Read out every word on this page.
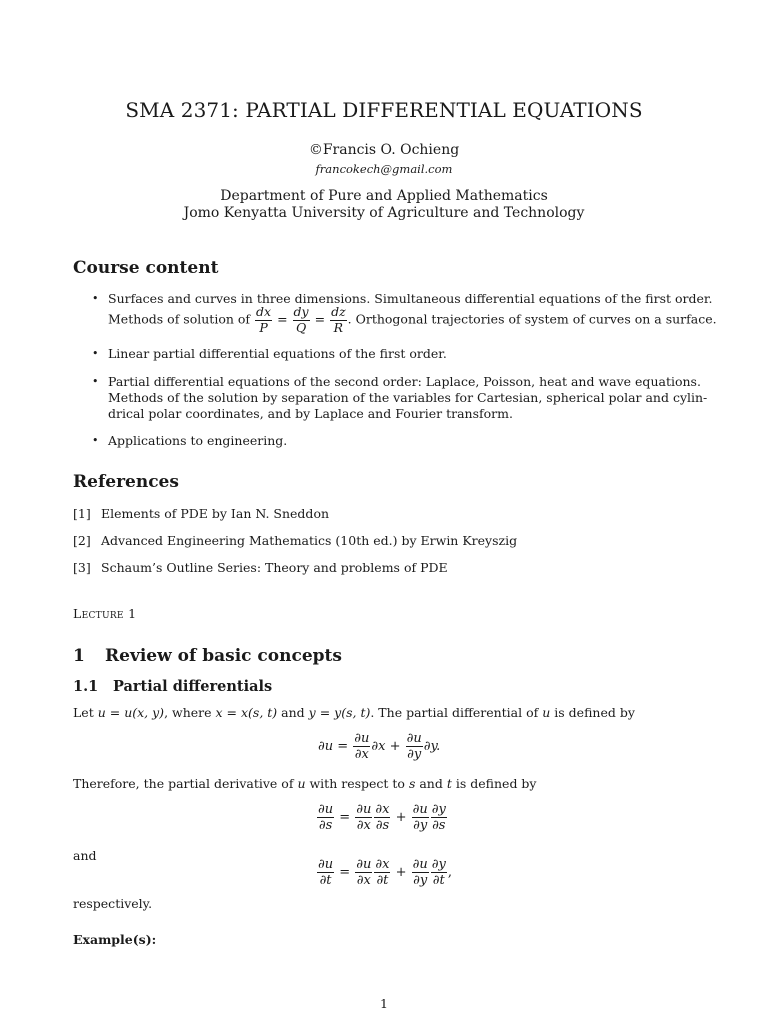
SMA 2371: PARTIAL DIFFERENTIAL EQUATIONS
©Francis O. Ochieng
francokech@gmail.com
Department of Pure and Applied Mathematics
Jomo Kenyatta University of Agriculture and Technology
Course content
• Surfaces and curves in three dimensions. Simultaneous differential equations of the first order.
Methods of solution of $\frac{dx}{P} = \frac{dy}{Q} = \frac{dz}{R}$ . Orthogonal trajectories of system of curves on a surface.
• Linear partial differential equations of the first order.
• Partial differential equations of the second order: Laplace, Poisson, heat and wave equations.
Methods of the solution by separation of the variables for Cartesian, spherical polar and cylin-
drical polar coordinates, and by Laplace and Fourier transform.
• Applications to engineering.
References
[1] Elements of PDE by Ian N. Sneddon
[2] Advanced Engineering Mathematics (10th ed.) by Erwin Kreyszig
[3] Schaum’s Outline Series: Theory and problems of PDE
Lecture 1
1 Review of basic concepts
1.1 Partial differentials
Let u = u(x, y), where x = x(s, t) and y = y(s, t). The partial differential of u is defined by
$\partial u = \frac{\partial u}{\partial x} \partial x + \frac{\partial u}{\partial y} \partial y$.
Therefore, the partial derivative of u with respect to s and t is defined by
$\frac{\partial u}{\partial s} = \frac{\partial u}{\partial x} \frac{\partial x}{\partial s} + \frac{\partial u}{\partial y} \frac{\partial y}{\partial s}$
and
$\frac{\partial u}{\partial t} = \frac{\partial u}{\partial x} \frac{\partial x}{\partial t} + \frac{\partial u}{\partial y} \frac{\partial y}{\partial t}$ ,
respectively.
Example(s):
1
